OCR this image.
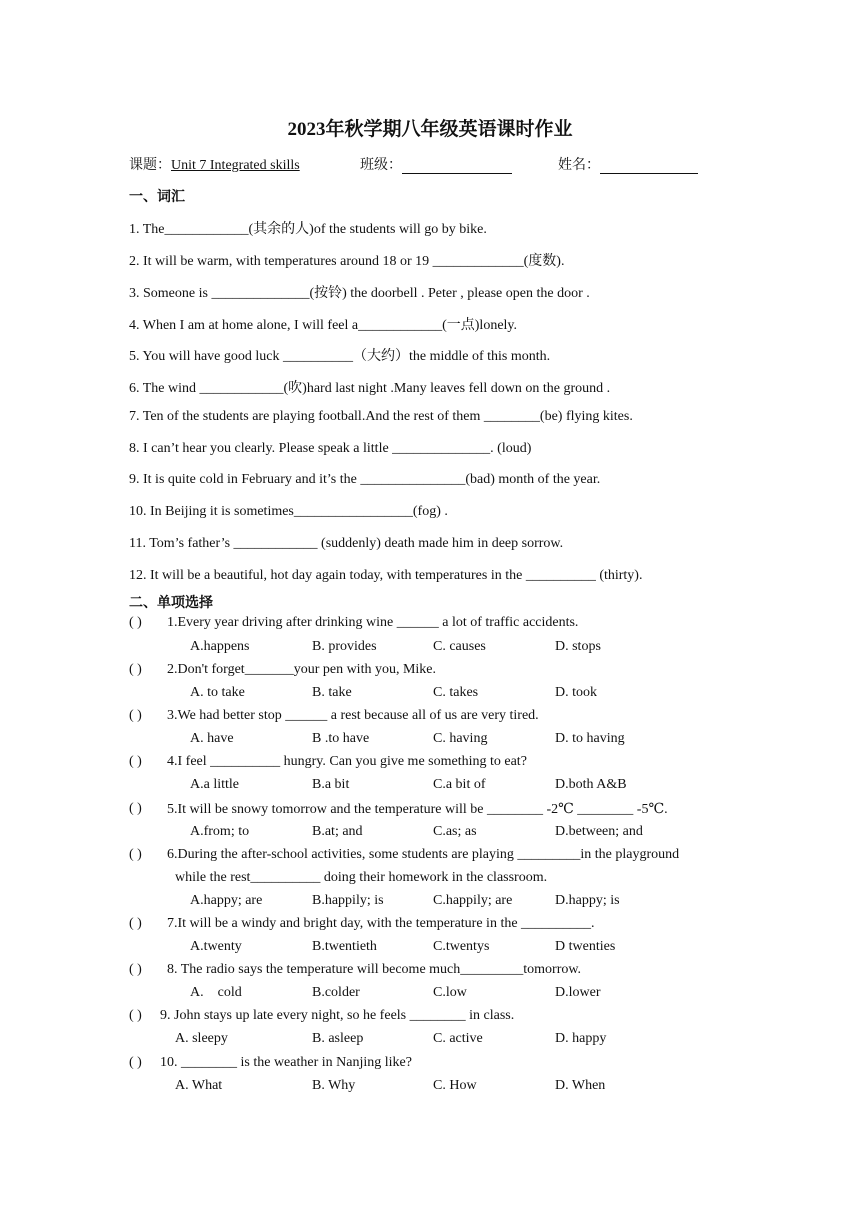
2023年秋学期八年级英语课时作业
课题：Unit 7 Integrated skills	班级：	姓名：
一、词汇
1. The____________(其余的人)of the students will go by bike.
2. It will be warm, with temperatures around 18 or 19 _____________(度数).
3. Someone is ______________(按铃) the doorbell . Peter , please open the door .
4. When I am at home alone, I will feel a____________(一点)lonely.
5. You will have good luck __________（大约）the middle of this month.
6. The wind ____________(吹)hard last night .Many leaves fell down on the ground .
7. Ten of the students are playing football.And the rest of them ________(be) flying kites.
8. I can’t hear you clearly. Please speak a little ______________. (loud)
9. It is quite cold in February and it’s the _______________(bad) month of the year.
10. In Beijing it is sometimes_________________(fog) .
11. Tom’s father’s ____________ (suddenly) death made him in deep sorrow.
12. It will be a beautiful, hot day again today, with temperatures in the __________ (thirty).
二、单项选择
( ) 1.Every year driving after drinking wine ______ a lot of traffic accidents.
A.happens	B. provides	C. causes	D. stops
( ) 2.Don't forget_______your pen with you, Mike.
A. to take	B. take	C. takes	D. took
( ) 3.We had better stop ______ a rest because all of us are very tired.
A. have	B .to have	C. having	D. to having
( ) 4.I feel __________ hungry. Can you give me something to eat?
A.a little	B.a bit	C.a bit of	D.both A&B
( ) 5.It will be snowy tomorrow and the temperature will be ________ -2℃ ________ -5℃.
A.from; to	B.at; and	C.as; as	D.between; and
( ) 6.During the after-school activities, some students are playing _________in the playground
while the rest__________ doing their homework in the classroom.
A.happy; are	B.happily; is	C.happily; are	D.happy; is
( ) 7.It will be a windy and bright day, with the temperature in the __________.
A.twenty	B.twentieth	C.twentys	D twenties
( ) 8. The radio says the temperature will become much_________tomorrow.
A.    cold	B.colder	C.low	D.lower
( ) 9. John stays up late every night, so he feels ________ in class.
A. sleepy	B. asleep	C. active	D. happy
( ) 10. ________ is the weather in Nanjing like?
A. What	B. Why	C. How	D. When
